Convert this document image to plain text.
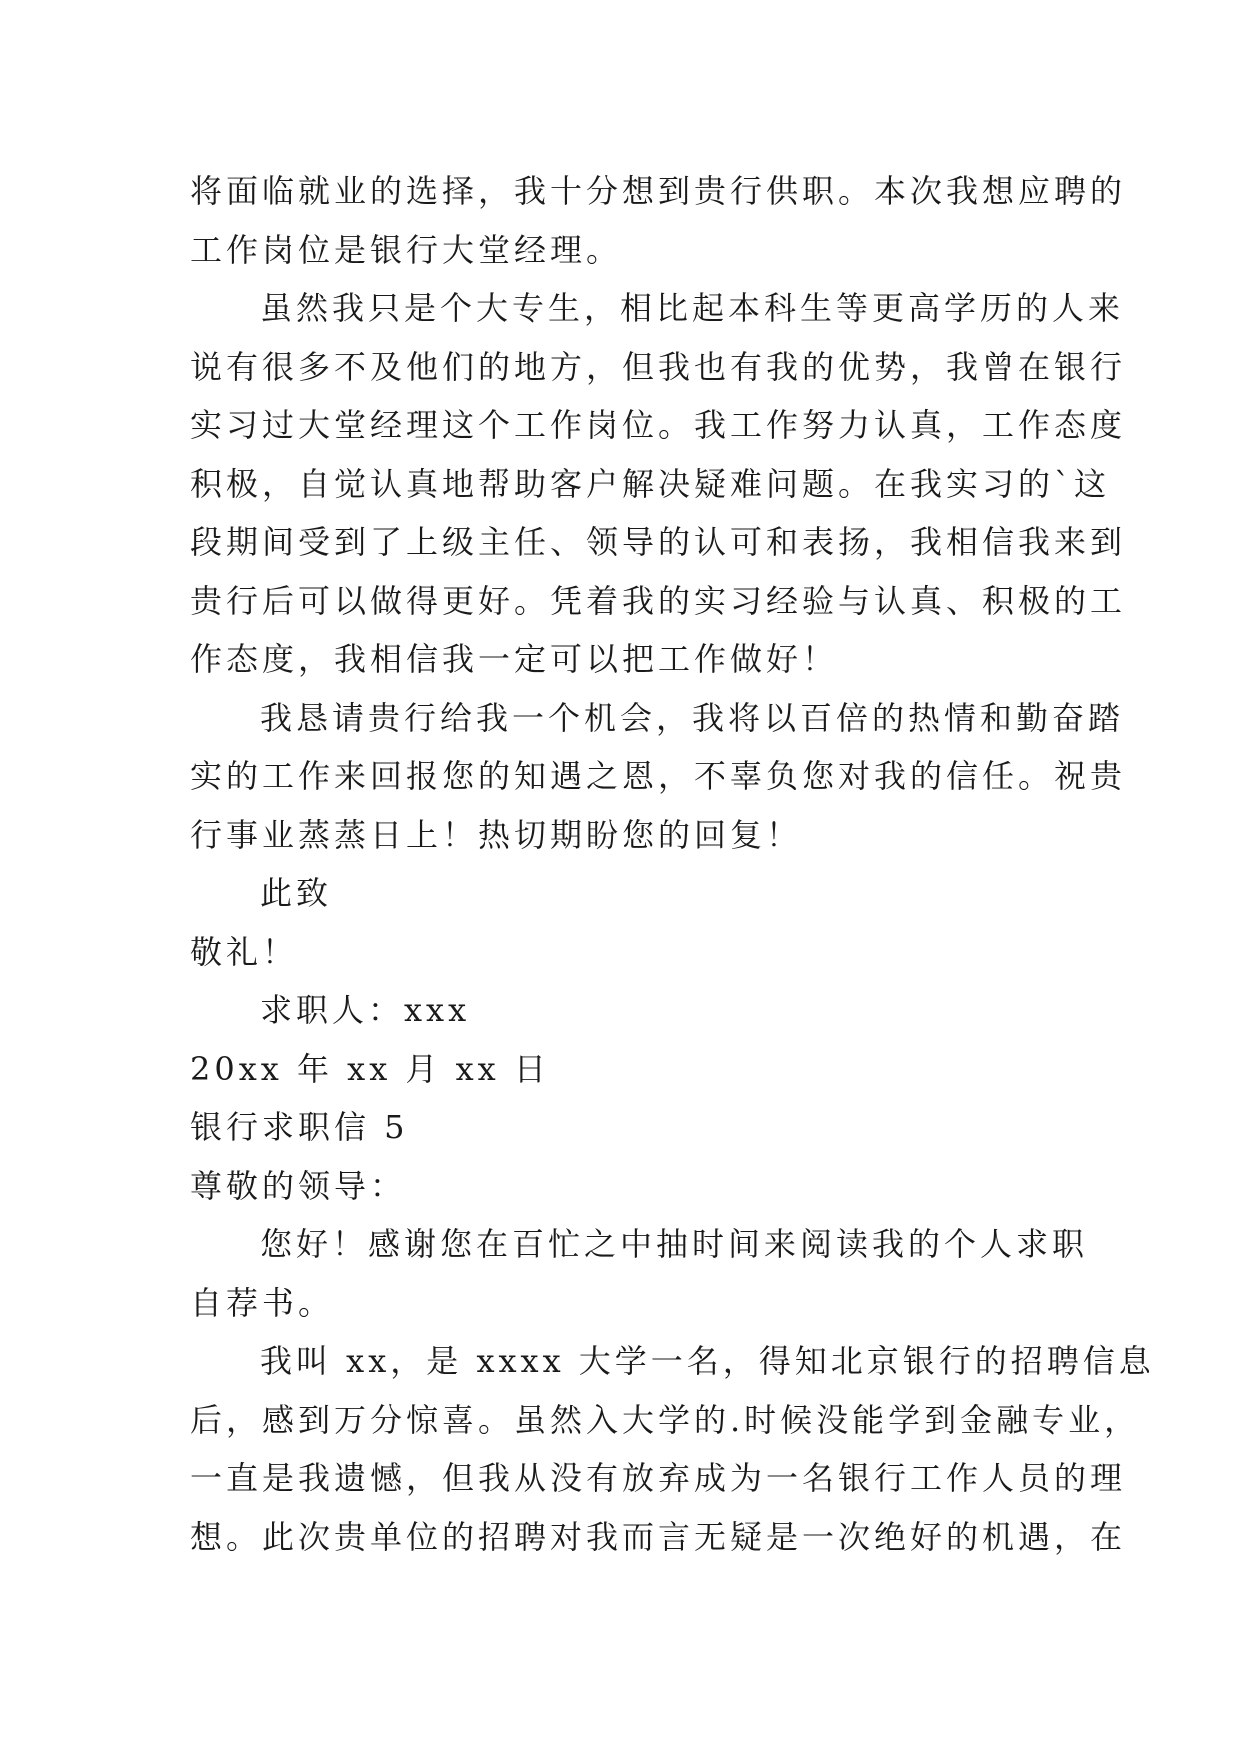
将面临就业的选择，我十分想到贵行供职。本次我想应聘的

工作岗位是银行大堂经理。

虽然我只是个大专生，相比起本科生等更高学历的人来

说有很多不及他们的地方，但我也有我的优势，我曾在银行

实习过大堂经理这个工作岗位。我工作努力认真，工作态度

积极，自觉认真地帮助客户解决疑难问题。在我实习的`这

段期间受到了上级主任、领导的认可和表扬，我相信我来到

贵行后可以做得更好。凭着我的实习经验与认真、积极的工

作态度，我相信我一定可以把工作做好！

我恳请贵行给我一个机会，我将以百倍的热情和勤奋踏

实的工作来回报您的知遇之恩，不辜负您对我的信任。祝贵

行事业蒸蒸日上！热切期盼您的回复！

此致

敬礼！

求职人：xxx

20xx 年 xx 月 xx 日

银行求职信 5

尊敬的领导：

您好！感谢您在百忙之中抽时间来阅读我的个人求职

自荐书。

我叫 xx，是 xxxx 大学一名，得知北京银行的招聘信息

后，感到万分惊喜。虽然入大学的.时候没能学到金融专业，

一直是我遗憾，但我从没有放弃成为一名银行工作人员的理

想。此次贵单位的招聘对我而言无疑是一次绝好的机遇，在
